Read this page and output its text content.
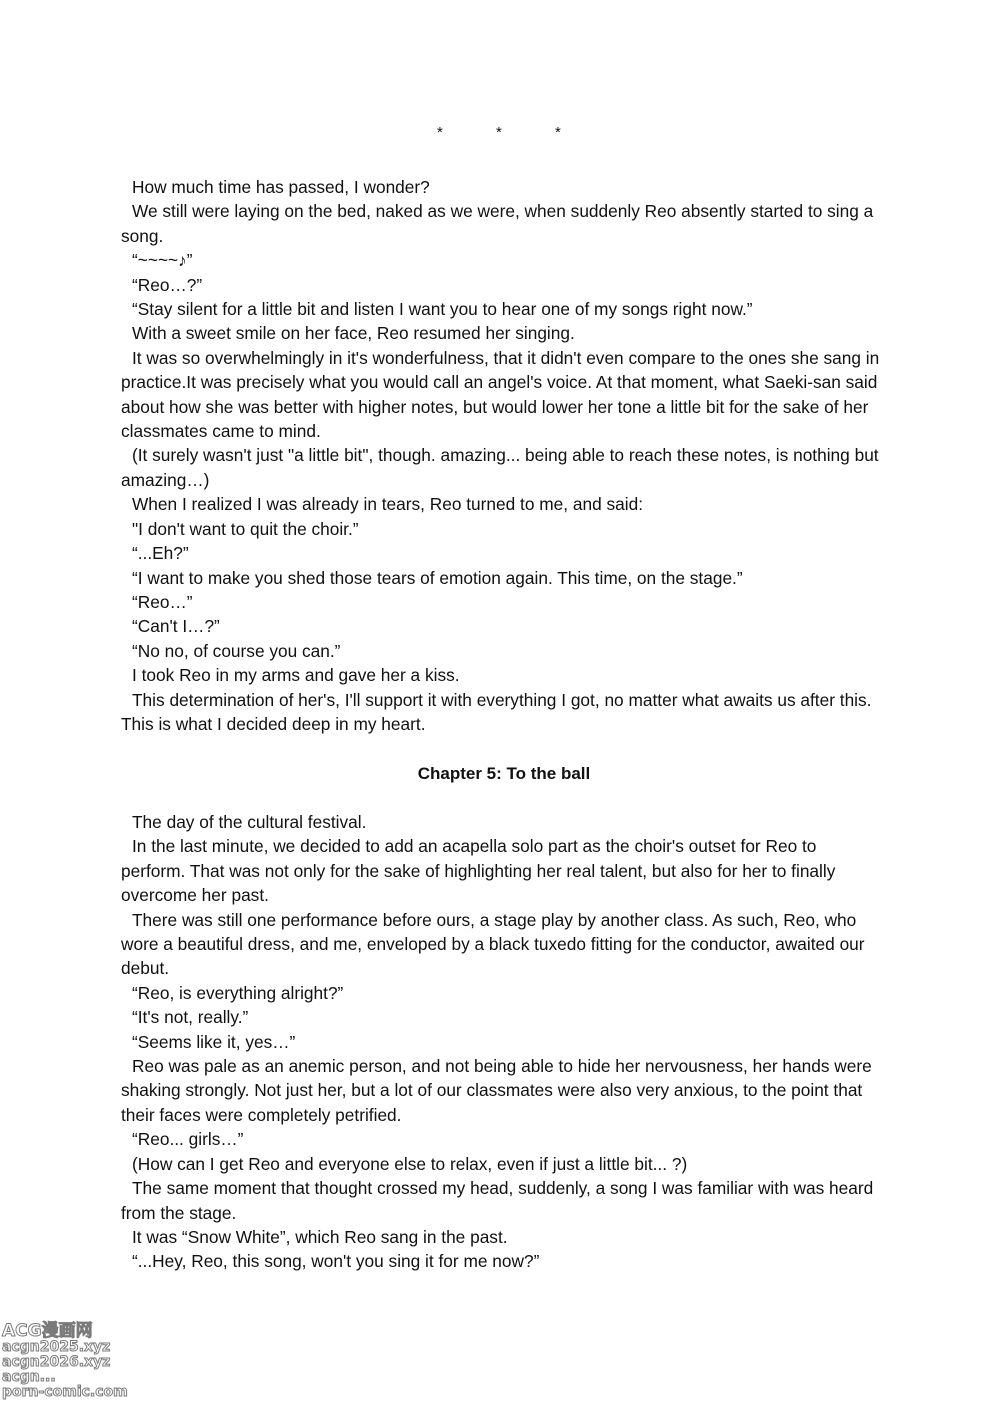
*	*	*

How much time has passed, I wonder?

We still were laying on the bed, naked as we were, when suddenly Reo absently started to sing a song.

“~~~~♪”

“Reo…?”

“Stay silent for a little bit and listen I want you to hear one of my songs right now.”

With a sweet smile on her face, Reo resumed her singing.

It was so overwhelmingly in it's wonderfulness, that it didn't even compare to the ones she sang in practice.It was precisely what you would call an angel's voice. At that moment, what Saeki-san said about how she was better with higher notes, but would lower her tone a little bit for the sake of her classmates came to mind.

(It surely wasn't just "a little bit", though. amazing... being able to reach these notes, is nothing but amazing…)

When I realized I was already in tears, Reo turned to me, and said:

"I don't want to quit the choir.”

“...Eh?”

“I want to make you shed those tears of emotion again. This time, on the stage.”

“Reo…”

“Can't I…?”

“No no, of course you can.”

I took Reo in my arms and gave her a kiss.

This determination of her's, I'll support it with everything I got, no matter what awaits us after this. This is what I decided deep in my heart.

Chapter 5: To the ball

The day of the cultural festival.

In the last minute, we decided to add an acapella solo part as the choir's outset for Reo to perform. That was not only for the sake of highlighting her real talent, but also for her to finally overcome her past.

There was still one performance before ours, a stage play by another class. As such, Reo, who wore a beautiful dress, and me, enveloped by a black tuxedo fitting for the conductor, awaited our debut.

“Reo, is everything alright?”

“It's not, really.”

“Seems like it, yes…”

Reo was pale as an anemic person, and not being able to hide her nervousness, her hands were shaking strongly. Not just her, but a lot of our classmates were also very anxious, to the point that their faces were completely petrified.

“Reo... girls…”

(How can I get Reo and everyone else to relax, even if just a little bit... ?)

The same moment that thought crossed my head, suddenly, a song I was familiar with was heard from the stage.

It was “Snow White”, which Reo sang in the past.

“...Hey, Reo, this song, won't you sing it for me now?”

ACG漫画网
acgn2025.xyz
acgn2026.xyz
acgn...
porn-comic.com
